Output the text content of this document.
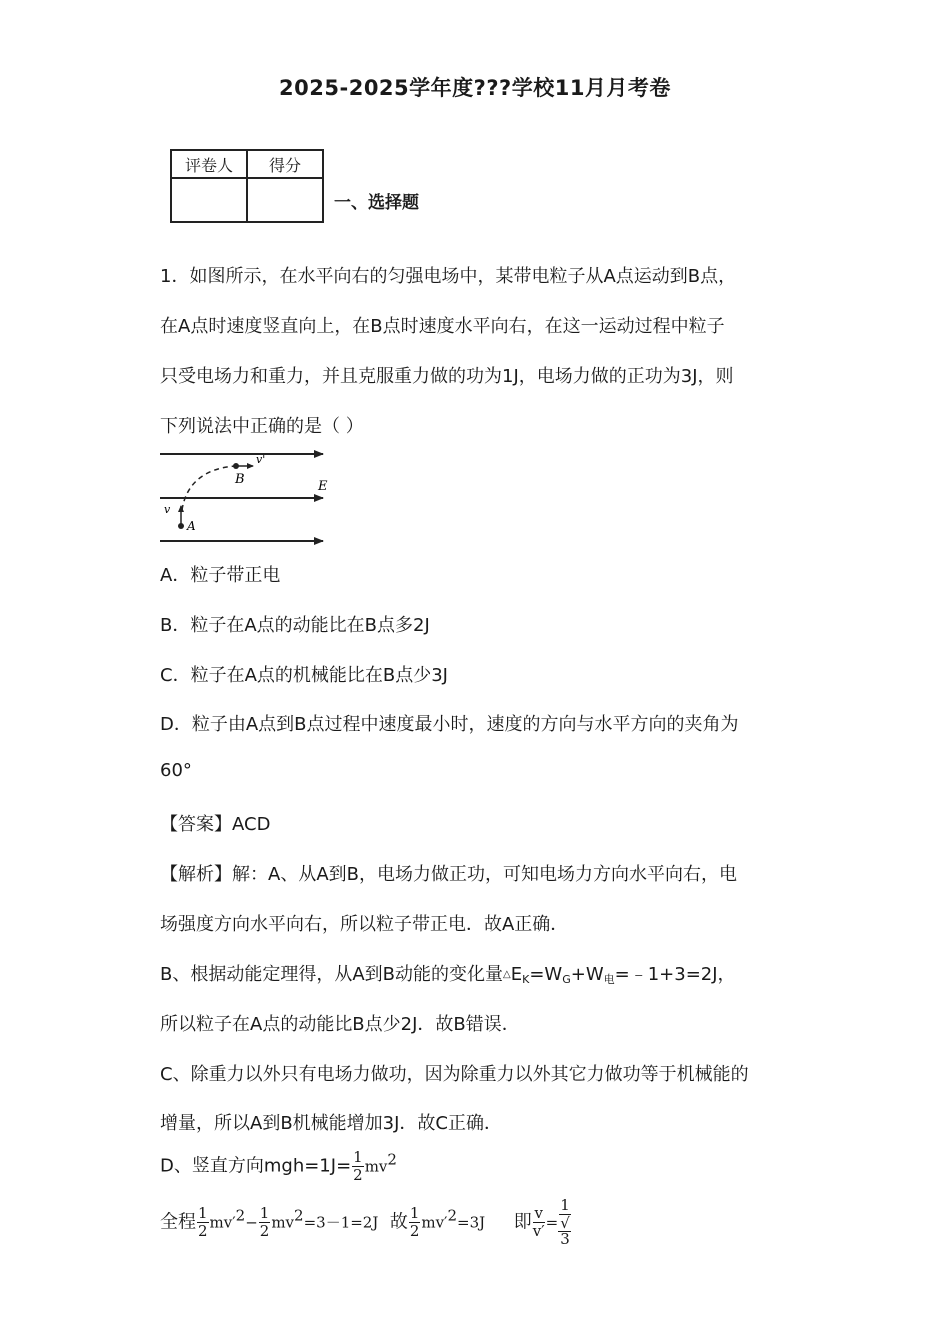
2025-2025学年度???学校11月月考卷
评卷人	得分

一、选择题
1．如图所示，在水平向右的匀强电场中，某带电粒子从A点运动到B点，
在A点时速度竖直向上，在B点时速度水平向右，在这一运动过程中粒子
只受电场力和重力，并且克服重力做的功为1J，电场力做的正功为3J，则
下列说法中正确的是（ ）
v'
B	E
v
A
A．粒子带正电
B．粒子在A点的动能比在B点多2J
C．粒子在A点的机械能比在B点少3J
D．粒子由A点到B点过程中速度最小时，速度的方向与水平方向的夹角为
60°
【答案】ACD
【解析】解：A、从A到B，电场力做正功，可知电场力方向水平向右，电
场强度方向水平向右，所以粒子带正电．故A正确．
B、根据动能定理得，从A到B动能的变化量$\triangle E_K=W_G+W_电=﹣1+3=2J$，
所以粒子在A点的动能比B点少2J．故B错误．
C、除重力以外只有电场力做功，因为除重力以外其它力做功等于机械能的
增量，所以A到B机械能增加3J．故C正确．
D、竖直方向$mgh=1J= \frac{1}{2} mv^2$
全程 $\frac{1}{2} mv'^2- \frac{1}{2} mv^2=3-1=2J$ 故 $\frac{1}{2} mv'^2=3J$ 即 $\frac{v}{v'} = 1$
√
3
